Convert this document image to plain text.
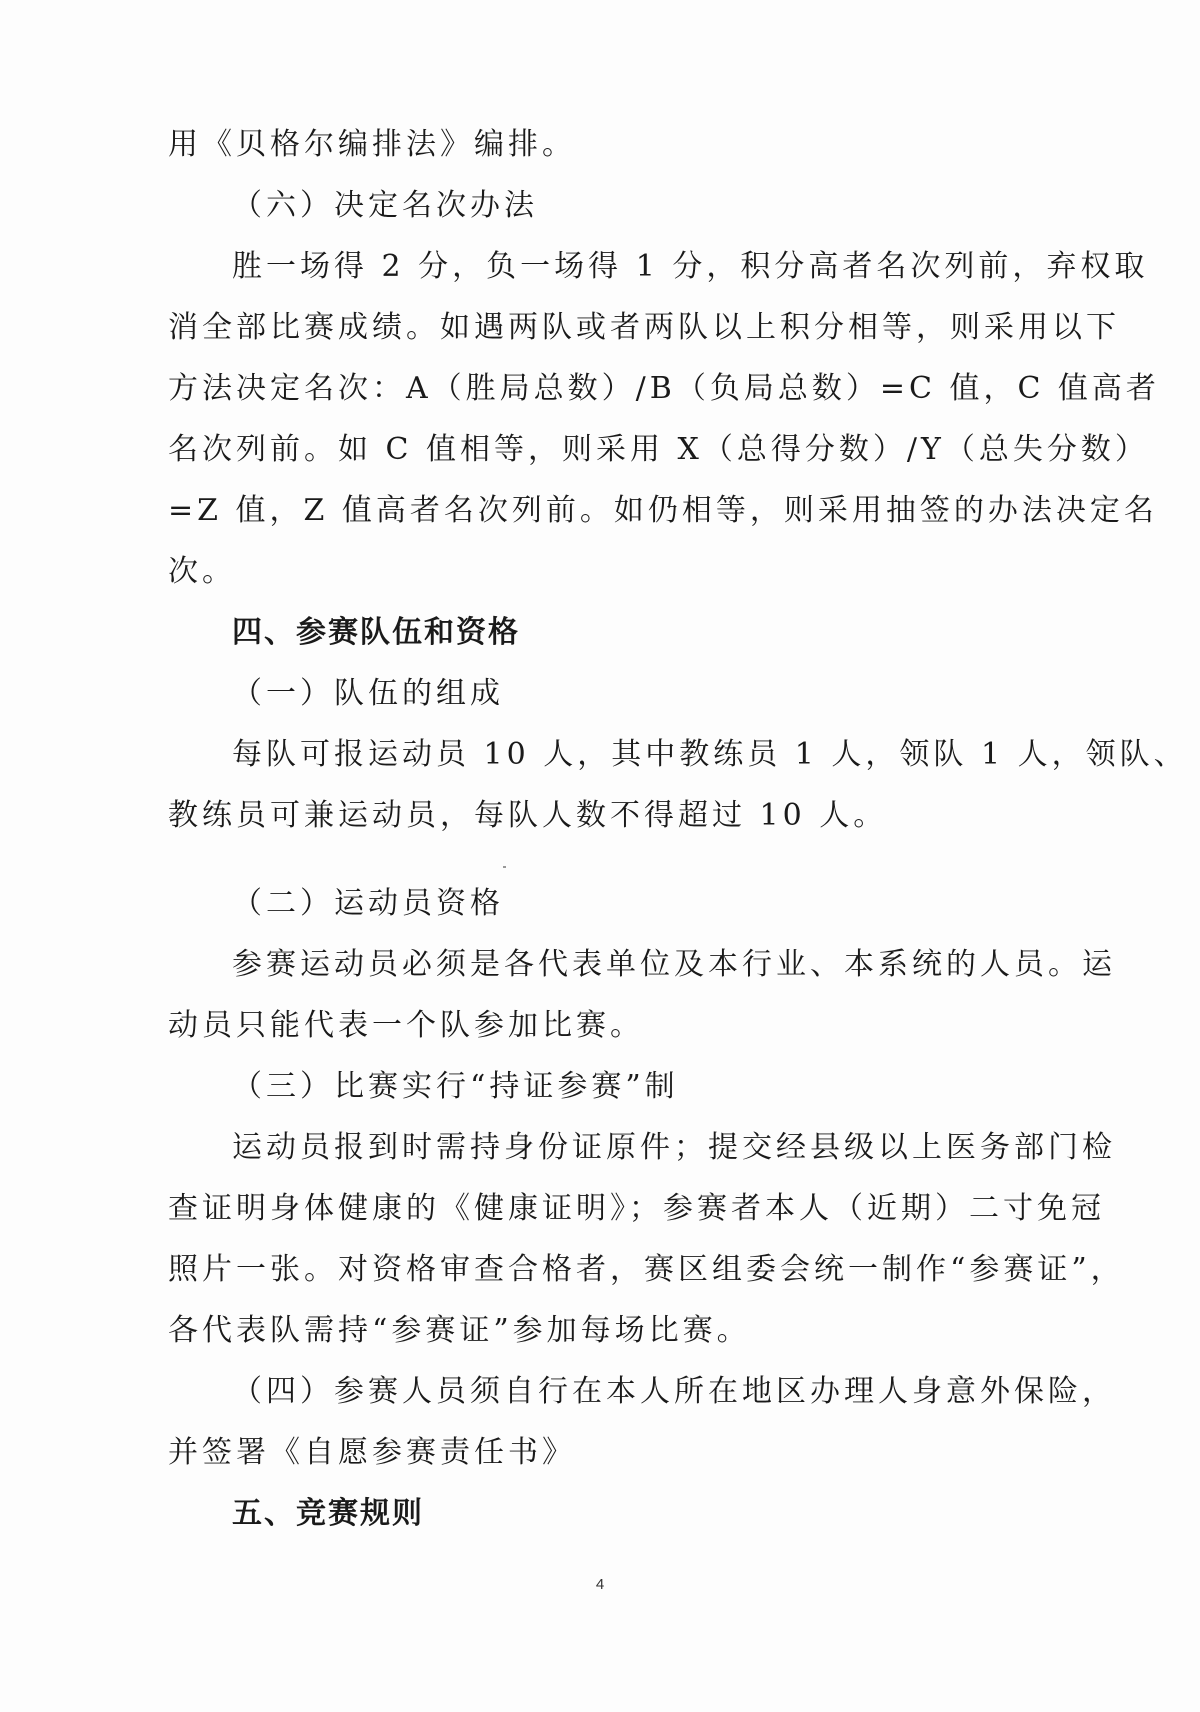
用《贝格尔编排法》编排。
（六）决定名次办法
胜一场得 2 分，负一场得 1 分，积分高者名次列前，弃权取
消全部比赛成绩。如遇两队或者两队以上积分相等，则采用以下
方法决定名次：A（胜局总数）/B（负局总数）=C 值，C 值高者
名次列前。如 C 值相等，则采用 X（总得分数）/Y（总失分数）
=Z 值，Z 值高者名次列前。如仍相等，则采用抽签的办法决定名
次。
四、参赛队伍和资格
（一）队伍的组成
每队可报运动员 10 人，其中教练员 1 人，领队 1 人，领队、
教练员可兼运动员，每队人数不得超过 10 人。
（二）运动员资格
参赛运动员必须是各代表单位及本行业、本系统的人员。运
动员只能代表一个队参加比赛。
（三）比赛实行“持证参赛”制
运动员报到时需持身份证原件；提交经县级以上医务部门检
查证明身体健康的《健康证明》；参赛者本人（近期）二寸免冠
照片一张。对资格审查合格者，赛区组委会统一制作“参赛证”，
各代表队需持“参赛证”参加每场比赛。
（四）参赛人员须自行在本人所在地区办理人身意外保险，
并签署《自愿参赛责任书》
五、竞赛规则
4
